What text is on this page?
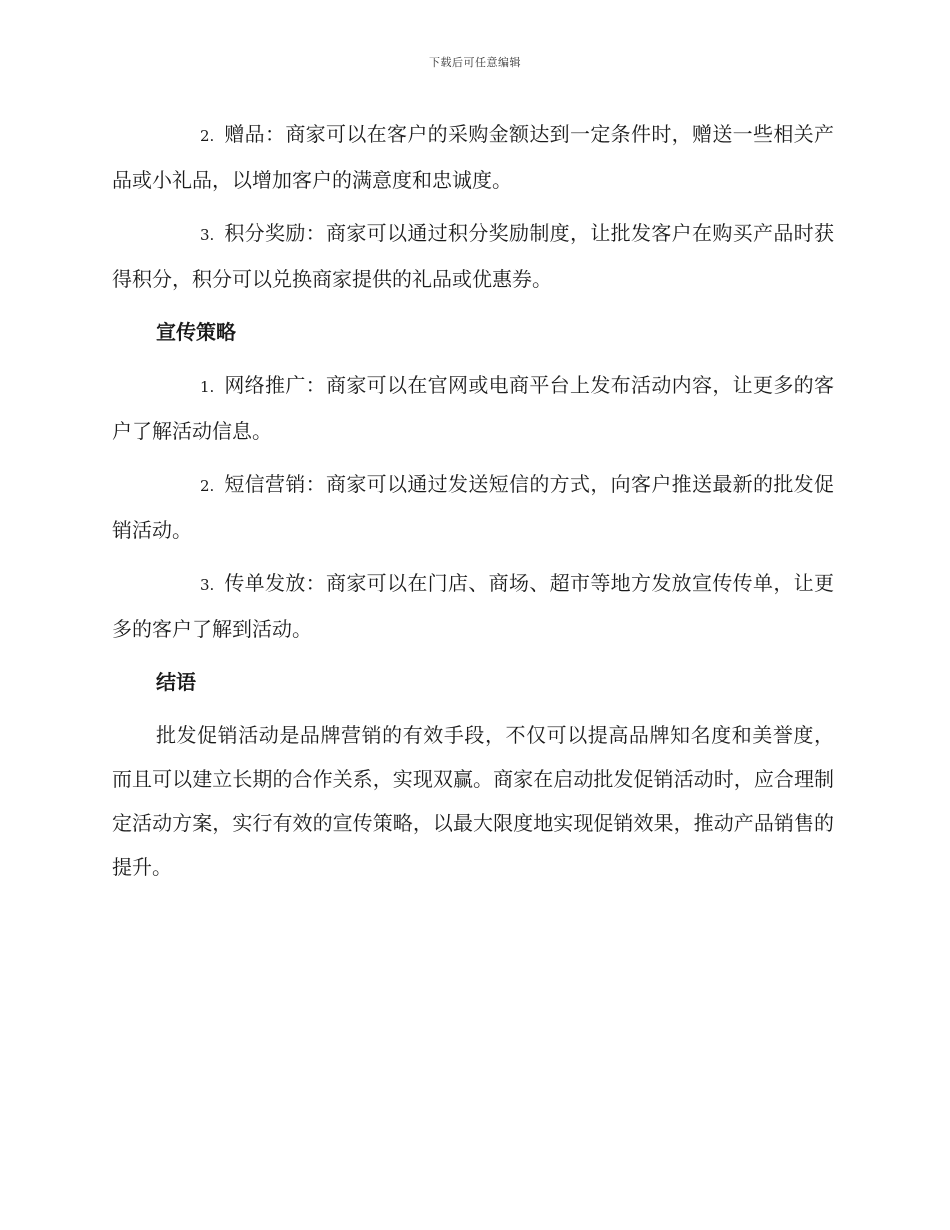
下载后可任意编辑

2. 赠品：商家可以在客户的采购金额达到一定条件时，赠送一些相关产品或小礼品，以增加客户的满意度和忠诚度。

3. 积分奖励：商家可以通过积分奖励制度，让批发客户在购买产品时获得积分，积分可以兑换商家提供的礼品或优惠券。

宣传策略

1. 网络推广：商家可以在官网或电商平台上发布活动内容，让更多的客户了解活动信息。

2. 短信营销：商家可以通过发送短信的方式，向客户推送最新的批发促销活动。

3. 传单发放：商家可以在门店、商场、超市等地方发放宣传传单，让更多的客户了解到活动。

结语

批发促销活动是品牌营销的有效手段，不仅可以提高品牌知名度和美誉度，而且可以建立长期的合作关系，实现双赢。商家在启动批发促销活动时，应合理制定活动方案，实行有效的宣传策略，以最大限度地实现促销效果，推动产品销售的提升。
